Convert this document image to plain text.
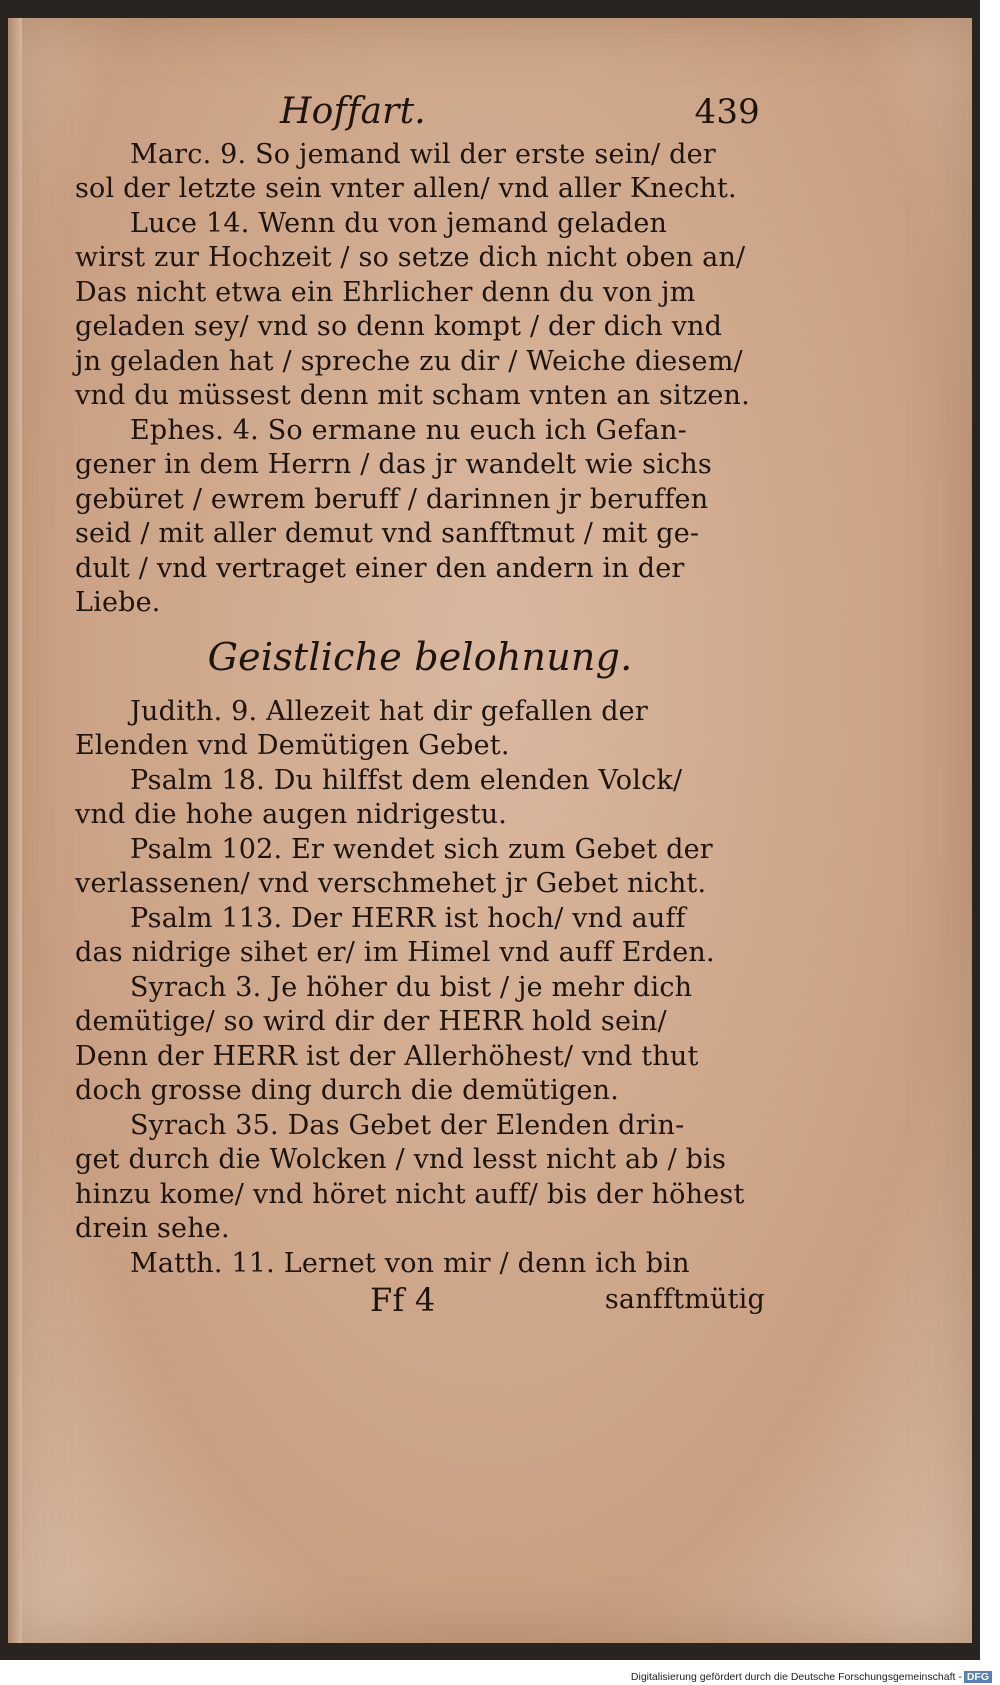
Hoffart.	439
Marc. 9. So jemand wil der erste sein/ der
sol der letzte sein vnter allen/ vnd aller Knecht.
Luce 14. Wenn du von jemand geladen
wirst zur Hochzeit / so setze dich nicht oben an/
Das nicht etwa ein Ehrlicher denn du von jm
geladen sey/ vnd so denn kompt / der dich vnd
jn geladen hat / spreche zu dir / Weiche diesem/
vnd du müssest denn mit scham vnten an sitzen.
Ephes. 4. So ermane nu euch ich Gefan-
gener in dem Herrn / das jr wandelt wie sichs
gebüret / ewrem beruff / darinnen jr beruffen
seid / mit aller demut vnd sanfftmut / mit ge-
dult / vnd vertraget einer den andern in der
Liebe.
Geistliche belohnung.
Judith. 9. Allezeit hat dir gefallen der
Elenden vnd Demütigen Gebet.
Psalm 18. Du hilffst dem elenden Volck/
vnd die hohe augen nidrigestu.
Psalm 102. Er wendet sich zum Gebet der
verlassenen/ vnd verschmehet jr Gebet nicht.
Psalm 113. Der HERR ist hoch/ vnd auff
das nidrige sihet er/ im Himel vnd auff Erden.
Syrach 3. Je höher du bist / je mehr dich
demütige/ so wird dir der HERR hold sein/
Denn der HERR ist der Allerhöhest/ vnd thut
doch grosse ding durch die demütigen.
Syrach 35. Das Gebet der Elenden drin-
get durch die Wolcken / vnd lesst nicht ab / bis
hinzu kome/ vnd höret nicht auff/ bis der höhest
drein sehe.
Matth. 11. Lernet von mir / denn ich bin
Ff 4	sanfftmütig
Digitalisierung gefördert durch die Deutsche Forschungsgemeinschaft - DFG
